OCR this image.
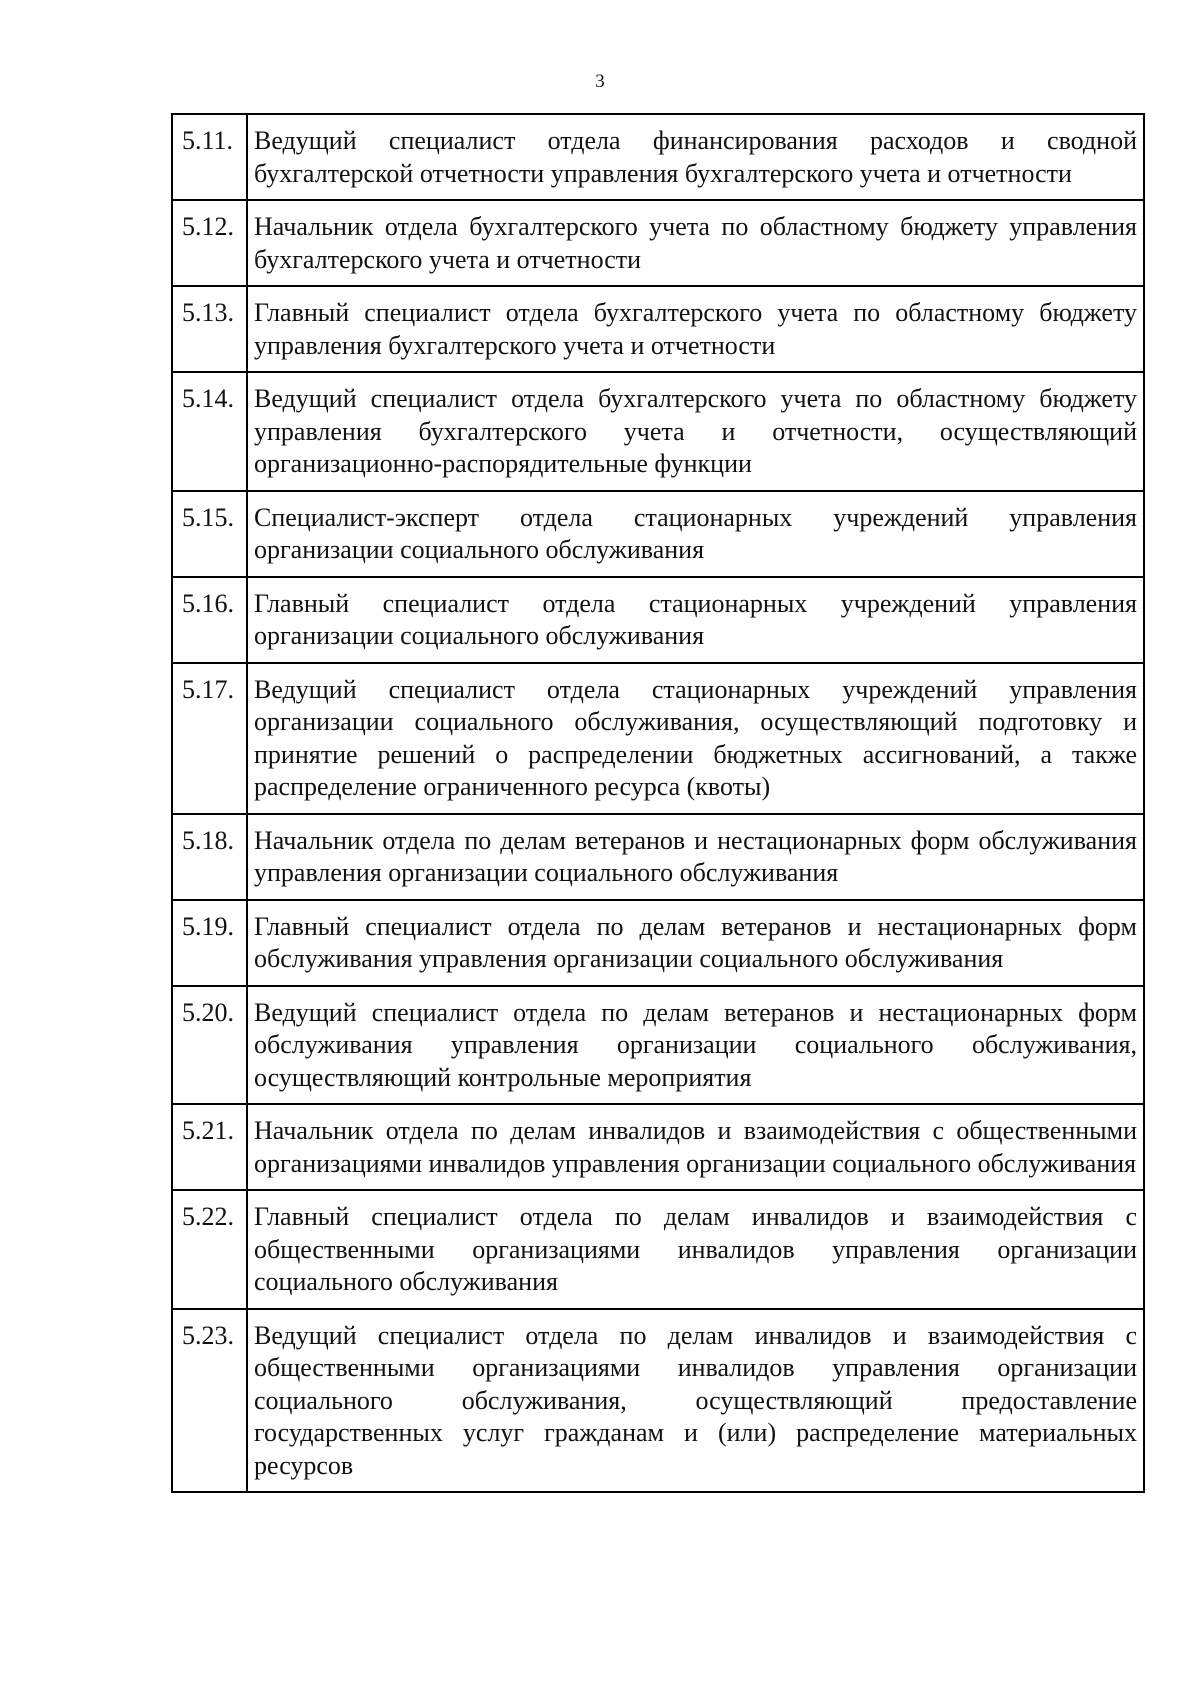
3
5.11.	Ведущий специалист отдела финансирования расходов и сводной бухгалтерской отчетности управления бухгалтерского учета и отчетности
5.12.	Начальник отдела бухгалтерского учета по областному бюджету управления бухгалтерского учета и отчетности
5.13.	Главный специалист отдела бухгалтерского учета по областному бюджету управления бухгалтерского учета и отчетности
5.14.	Ведущий специалист отдела бухгалтерского учета по областному бюджету управления бухгалтерского учета и отчетности, осуществляющий организационно-распорядительные функции
5.15.	Специалист-эксперт отдела стационарных учреждений управления организации социального обслуживания
5.16.	Главный специалист отдела стационарных учреждений управления организации социального обслуживания
5.17.	Ведущий специалист отдела стационарных учреждений управления организации социального обслуживания, осуществляющий подготовку и принятие решений о распределении бюджетных ассигнований, а также распределение ограниченного ресурса (квоты)
5.18.	Начальник отдела по делам ветеранов и нестационарных форм обслуживания управления организации социального обслуживания
5.19.	Главный специалист отдела по делам ветеранов и нестационарных форм обслуживания управления организации социального обслуживания
5.20.	Ведущий специалист отдела по делам ветеранов и нестационарных форм обслуживания управления организации социального обслуживания, осуществляющий контрольные мероприятия
5.21.	Начальник отдела по делам инвалидов и взаимодействия с общественными организациями инвалидов управления организации социального обслуживания
5.22.	Главный специалист отдела по делам инвалидов и взаимодействия с общественными организациями инвалидов управления организации социального обслуживания
5.23.	Ведущий специалист отдела по делам инвалидов и взаимодействия с общественными организациями инвалидов управления организации социального обслуживания, осуществляющий предоставление государственных услуг гражданам и (или) распределение материальных ресурсов
